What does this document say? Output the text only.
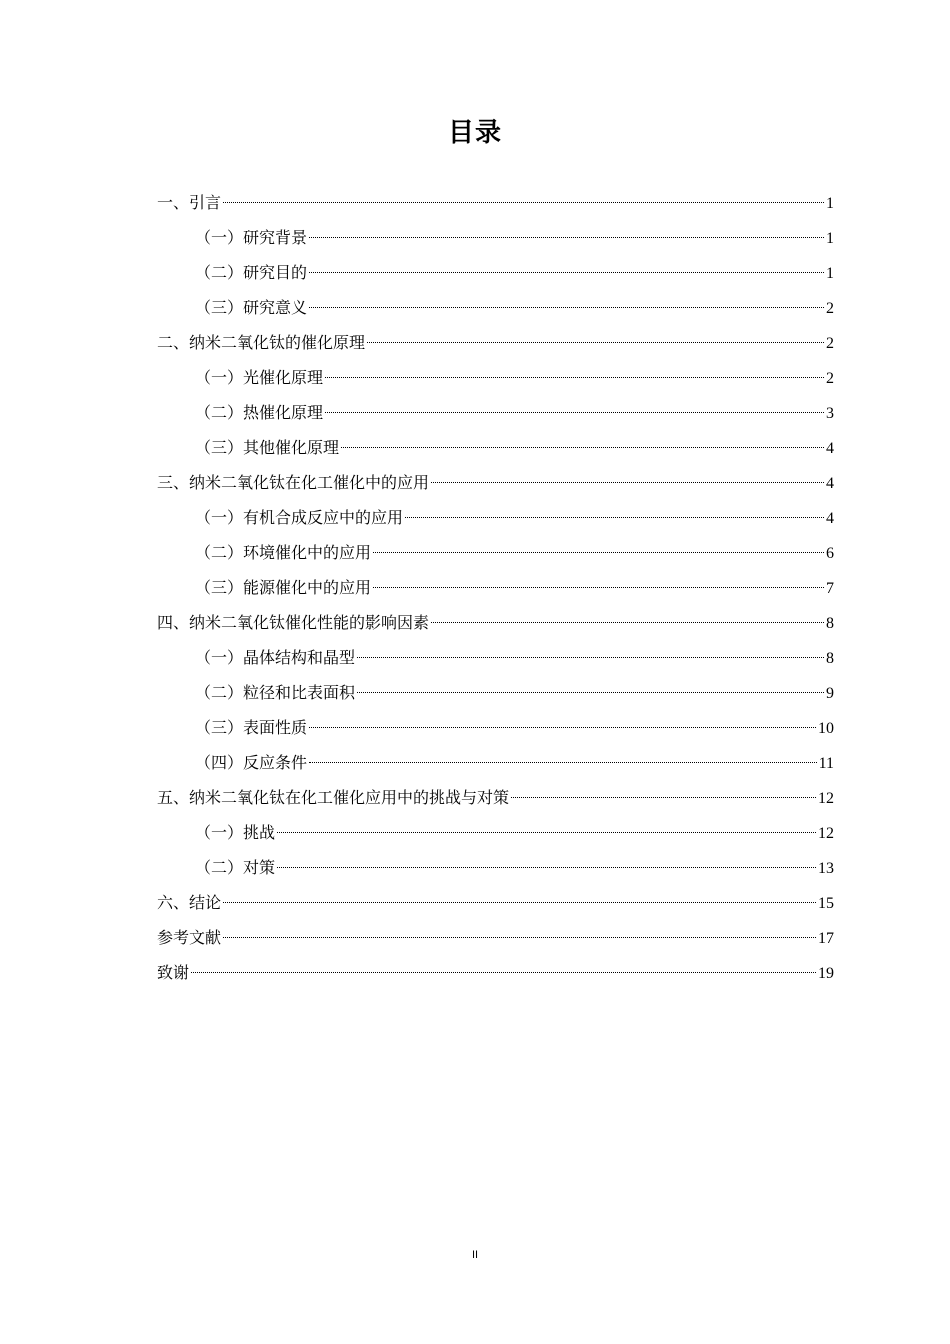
目录
一、引言	1
（一）研究背景	1
（二）研究目的	1
（三）研究意义	2
二、纳米二氧化钛的催化原理	2
（一）光催化原理	2
（二）热催化原理	3
（三）其他催化原理	4
三、纳米二氧化钛在化工催化中的应用	4
（一）有机合成反应中的应用	4
（二）环境催化中的应用	6
（三）能源催化中的应用	7
四、纳米二氧化钛催化性能的影响因素	8
（一）晶体结构和晶型	8
（二）粒径和比表面积	9
（三）表面性质	10
（四）反应条件	11
五、纳米二氧化钛在化工催化应用中的挑战与对策	12
（一）挑战	12
（二）对策	13
六、结论	15
参考文献	17
致谢	19
II
